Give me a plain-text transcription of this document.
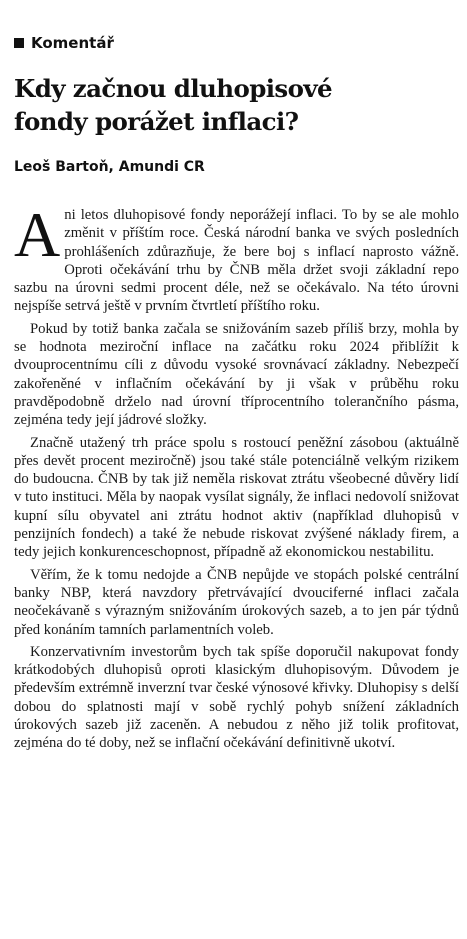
Komentář
Kdy začnou dluhopisové
fondy porážet inflaci?
Leoš Bartoň, Amundi CR

Ani letos dluhopisové fondy neporážejí inflaci. To by se ale mohlo změnit v příštím roce. Česká národní banka ve svých posledních prohlášeních zdůrazňuje, že bere boj s inflací naprosto vážně. Oproti očekávání trhu by ČNB měla držet svoji základní repo sazbu na úrovni sedmi procent déle, než se očekávalo. Na této úrovni nejspíše setrvá ještě v prvním čtvrtletí příštího roku.

Pokud by totiž banka začala se snižováním sazeb příliš brzy, mohla by se hodnota meziroční inflace na začátku roku 2024 přiblížit k dvouprocentnímu cíli z důvodu vysoké srovnávací základny. Nebezpečí zakořeněné v inflačním očekávání by ji však v průběhu roku pravděpodobně drželo nad úrovní tříprocentního tolerančního pásma, zejména tedy její jádrové složky.

Značně utažený trh práce spolu s rostoucí peněžní zásobou (aktuálně přes devět procent meziročně) jsou také stále potenciálně velkým rizikem do budoucna. ČNB by tak již neměla riskovat ztrátu všeobecné důvěry lidí v tuto instituci. Měla by naopak vysílat signály, že inflaci nedovolí snižovat kupní sílu obyvatel ani ztrátu hodnot aktiv (například dluhopisů v penzijních fondech) a také že nebude riskovat zvýšené náklady firem, a tedy jejich konkurenceschopnost, případně až ekonomickou nestabilitu.

Věřím, že k tomu nedojde a ČNB nepůjde ve stopách polské centrální banky NBP, která navzdory přetrvávající dvouciferné inflaci začala neočekávaně s výrazným snižováním úrokových sazeb, a to jen pár týdnů před konáním tamních parlamentních voleb.

Konzervativním investorům bych tak spíše doporučil nakupovat fondy krátkodobých dluhopisů oproti klasickým dluhopisovým. Důvodem je především extrémně inverzní tvar české výnosové křivky. Dluhopisy s delší dobou do splatnosti mají v sobě rychlý pohyb snížení základních úrokových sazeb již zaceněn. A nebudou z něho již tolik profitovat, zejména do té doby, než se inflační očekávání definitivně ukotví.
